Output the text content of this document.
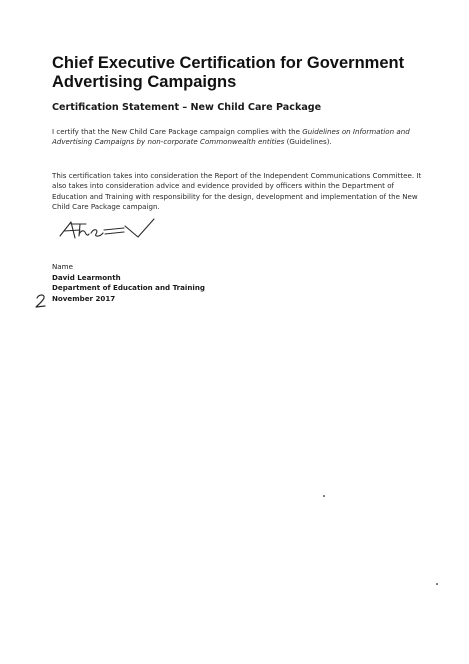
Chief Executive Certification for Government Advertising Campaigns
Certification Statement – New Child Care Package

I certify that the New Child Care Package campaign complies with the Guidelines on Information and Advertising Campaigns by non-corporate Commonwealth entities (Guidelines).

This certification takes into consideration the Report of the Independent Communications Committee. It also takes into consideration advice and evidence provided by officers within the Department of Education and Training with responsibility for the design, development and implementation of the New Child Care Package campaign.

Name
David Learmonth
Department of Education and Training
November 2017
